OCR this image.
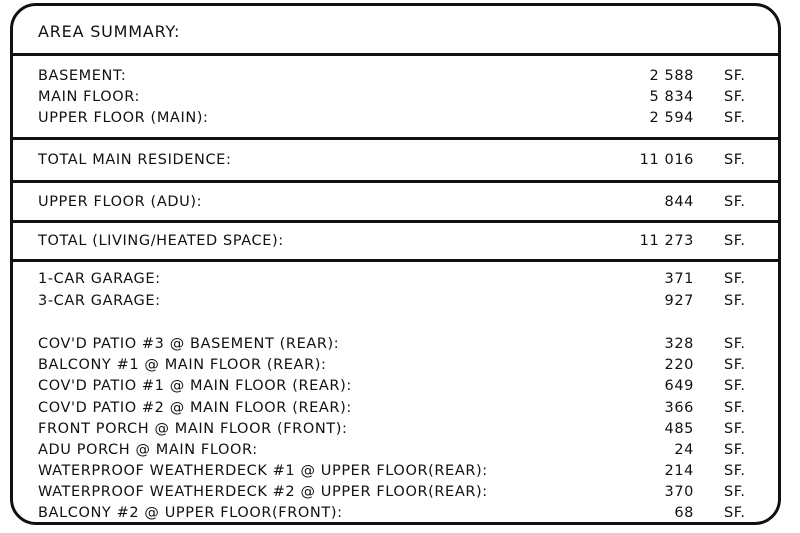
AREA SUMMARY:
BASEMENT:	2 588 SF.
MAIN FLOOR:	5 834 SF.
UPPER FLOOR (MAIN):	2 594 SF.
TOTAL MAIN RESIDENCE:	11 016 SF.
UPPER FLOOR (ADU):	844 SF.
TOTAL (LIVING/HEATED SPACE):	11 273 SF.
1-CAR GARAGE:	371 SF.
3-CAR GARAGE:	927 SF.
COV'D PATIO #3 @ BASEMENT (REAR):	328 SF.
BALCONY #1 @ MAIN FLOOR (REAR):	220 SF.
COV'D PATIO #1 @ MAIN FLOOR (REAR):	649 SF.
COV'D PATIO #2 @ MAIN FLOOR (REAR):	366 SF.
FRONT PORCH @ MAIN FLOOR (FRONT):	485 SF.
ADU PORCH @ MAIN FLOOR:	24 SF.
WATERPROOF WEATHERDECK #1 @ UPPER FLOOR(REAR):	214 SF.
WATERPROOF WEATHERDECK #2 @ UPPER FLOOR(REAR):	370 SF.
BALCONY #2 @ UPPER FLOOR(FRONT):	68 SF.
